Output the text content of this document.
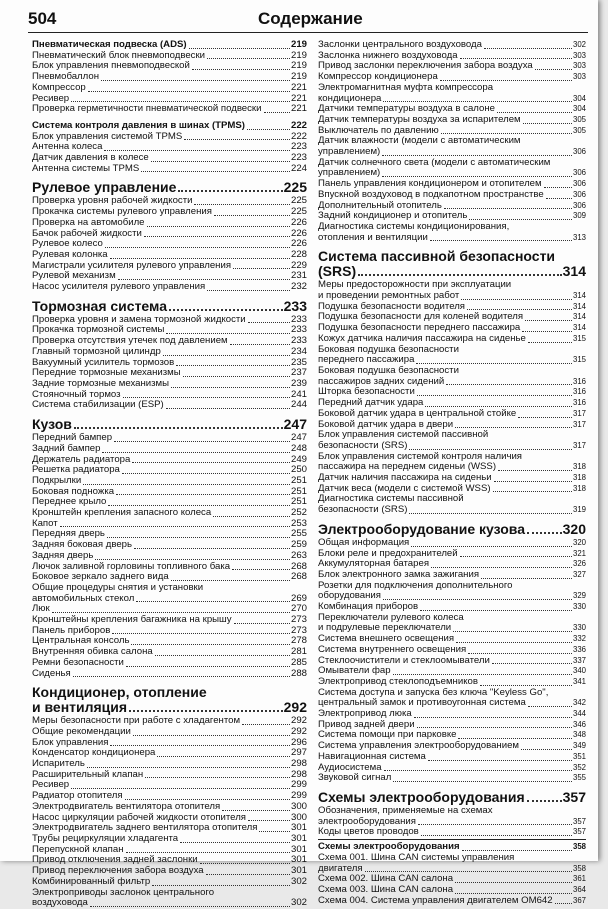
504	Содержание
Пневматическая подвеска (ADS)	219
Пневматический блок пневмоподвески	219
Блок управления пневмоподвеской	219
Пневмобаллон	219
Компрессор	221
Ресивер	221
Проверка герметичности пневматической подвески	221
Система контроля давления в шинах (TPMS)	222
Блок управления системой TPMS	222
Антенна колеса	223
Датчик давления в колесе	223
Антенна системы TPMS	224
Рулевое управление	225
Проверка уровня рабочей жидкости	225
Прокачка системы рулевого управления	225
Проверка на автомобиле	226
Бачок рабочей жидкости	226
Рулевое колесо	226
Рулевая колонка	228
Магистрали усилителя рулевого управления	229
Рулевой механизм	231
Насос усилителя рулевого управления	232
Тормозная система	233
Проверка уровня и замена тормозной жидкости	233
Прокачка тормозной системы	233
Проверка отсутствия утечек под давлением	233
Главный тормозной цилиндр	234
Вакуумный усилитель тормозов	235
Передние тормозные механизмы	237
Задние тормозные механизмы	239
Стояночный тормоз	241
Система стабилизации (ESP)	244
Кузов	247
Передний бампер	247
Задний бампер	248
Держатель радиатора	249
Решетка радиатора	250
Подкрылки	251
Боковая подножка	251
Переднее крыло	251
Кронштейн крепления запасного колеса	252
Капот	253
Передняя дверь	255
Задняя боковая дверь	259
Задняя дверь	263
Лючок заливной горловины топливного бака	268
Боковое зеркало заднего вида	268
Общие процедуры снятия и установки
автомобильных стекол	269
Люк	270
Кронштейны крепления багажника на крышу	273
Панель приборов	273
Центральная консоль	278
Внутренняя обивка салона	281
Ремни безопасности	285
Сиденья	288
Кондиционер, отопление
и вентиляция	292
Меры безопасности при работе с хладагентом	292
Общие рекомендации	292
Блок управления	296
Конденсатор кондиционера	297
Испаритель	298
Расширительный клапан	298
Ресивер	299
Радиатор отопителя	299
Электродвигатель вентилятора отопителя	300
Насос циркуляции рабочей жидкости отопителя	300
Электродвигатель заднего вентилятора отопителя	301
Трубы рециркуляции хладагента	301
Перепускной клапан	301
Привод отключения задней заслонки	301
Привод переключения забора воздуха	301
Комбинированный фильтр	302
Электроприводы заслонок центрального
воздуховода	302
Заслонки центрального воздуховода	302
Заслонка нижнего воздуховода	303
Привод заслонки переключения забора воздуха	303
Компрессор кондиционера	303
Электромагнитная муфта компрессора
кондиционера	304
Датчики температуры воздуха в салоне	304
Датчик температуры воздуха за испарителем	305
Выключатель по давлению	305
Датчик влажности (модели с автоматическим
управлением)	306
Датчик солнечного света (модели с автоматическим
управлением)	306
Панель управления кондиционером и отопителем	306
Впускной воздуховод в подкапотном пространстве	306
Дополнительный отопитель	306
Задний кондиционер и отопитель	309
Диагностика системы кондиционирования,
отопления и вентиляции	313
Система пассивной безопасности
(SRS)	314
Меры предосторожности при эксплуатации
и проведении ремонтных работ	314
Подушка безопасности водителя	314
Подушка безопасности для коленей водителя	314
Подушка безопасности переднего пассажира	314
Кожух датчика наличия пассажира на сиденье	315
Боковая подушка безопасности
переднего пассажира	315
Боковая подушка безопасности
пассажиров задних сидений	316
Шторка безопасности	316
Передний датчик удара	316
Боковой датчик удара в центральной стойке	317
Боковой датчик удара в двери	317
Блок управления системой пассивной
безопасности (SRS)	317
Блок управления системой контроля наличия
пассажира на переднем сиденьи (WSS)	318
Датчик наличия пассажира на сиденьи	318
Датчик веса (модели с системой WSS)	318
Диагностика системы пассивной
безопасности (SRS)	319
Электрооборудование кузова	320
Общая информация	320
Блоки реле и предохранителей	321
Аккумуляторная батарея	326
Блок электронного замка зажигания	327
Розетки для подключения дополнительного
оборудования	329
Комбинация приборов	330
Переключатели рулевого колеса
и подрулевые переключатели	330
Система внешнего освещения	332
Система внутреннего освещения	336
Стеклоочистители и стеклоомыватели	337
Омыватели фар	340
Электропривод стеклоподъемников	341
Система доступа и запуска без ключа "Keyless Go",
центральный замок и противоугонная система	342
Электропривод люка	344
Привод задней двери	346
Система помощи при парковке	348
Система управления электрооборудованием	349
Навигационная система	351
Аудиосистема	352
Звуковой сигнал	355
Схемы электрооборудования	357
Обозначения, применяемые на схемах
электрооборудования	357
Коды цветов проводов	357
Схемы электрооборудования	358
Схема 001. Шина CAN системы управления
двигателя	358
Схема 002. Шина CAN салона	361
Схема 003. Шина CAN салона	364
Схема 004. Система управления двигателем OM642	367
